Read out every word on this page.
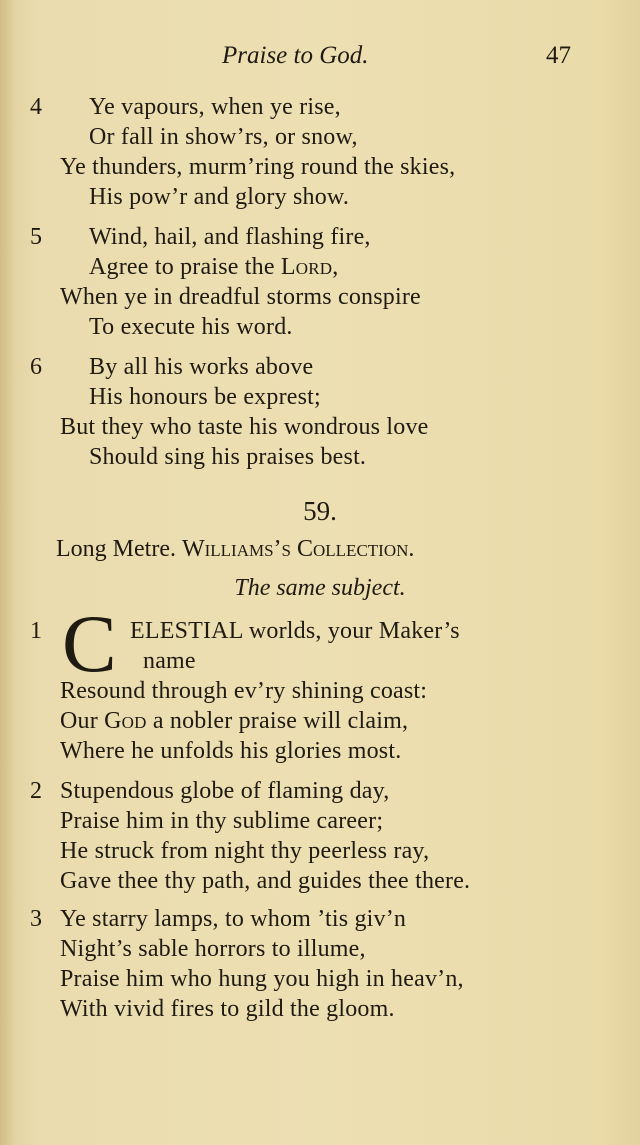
Praise to God.	47
4 Ye vapours, when ye rise,
Or fall in show’rs, or snow,
Ye thunders, murm’ring round the skies,
His pow’r and glory show.
5 Wind, hail, and flashing fire,
Agree to praise the Lord,
When ye in dreadful storms conspire
To execute his word.
6 By all his works above
His honours be exprest;
But they who taste his wondrous love
Should sing his praises best.
59.
Long Metre. Williams’s Collection.
The same subject.
1 C ELESTIAL worlds, your Maker’s
name
Resound through ev’ry shining coast:
Our God a nobler praise will claim,
Where he unfolds his glories most.
2 Stupendous globe of flaming day,
Praise him in thy sublime career;
He struck from night thy peerless ray,
Gave thee thy path, and guides thee there.
3 Ye starry lamps, to whom ’tis giv’n
Night’s sable horrors to illume,
Praise him who hung you high in heav’n,
With vivid fires to gild the gloom.
